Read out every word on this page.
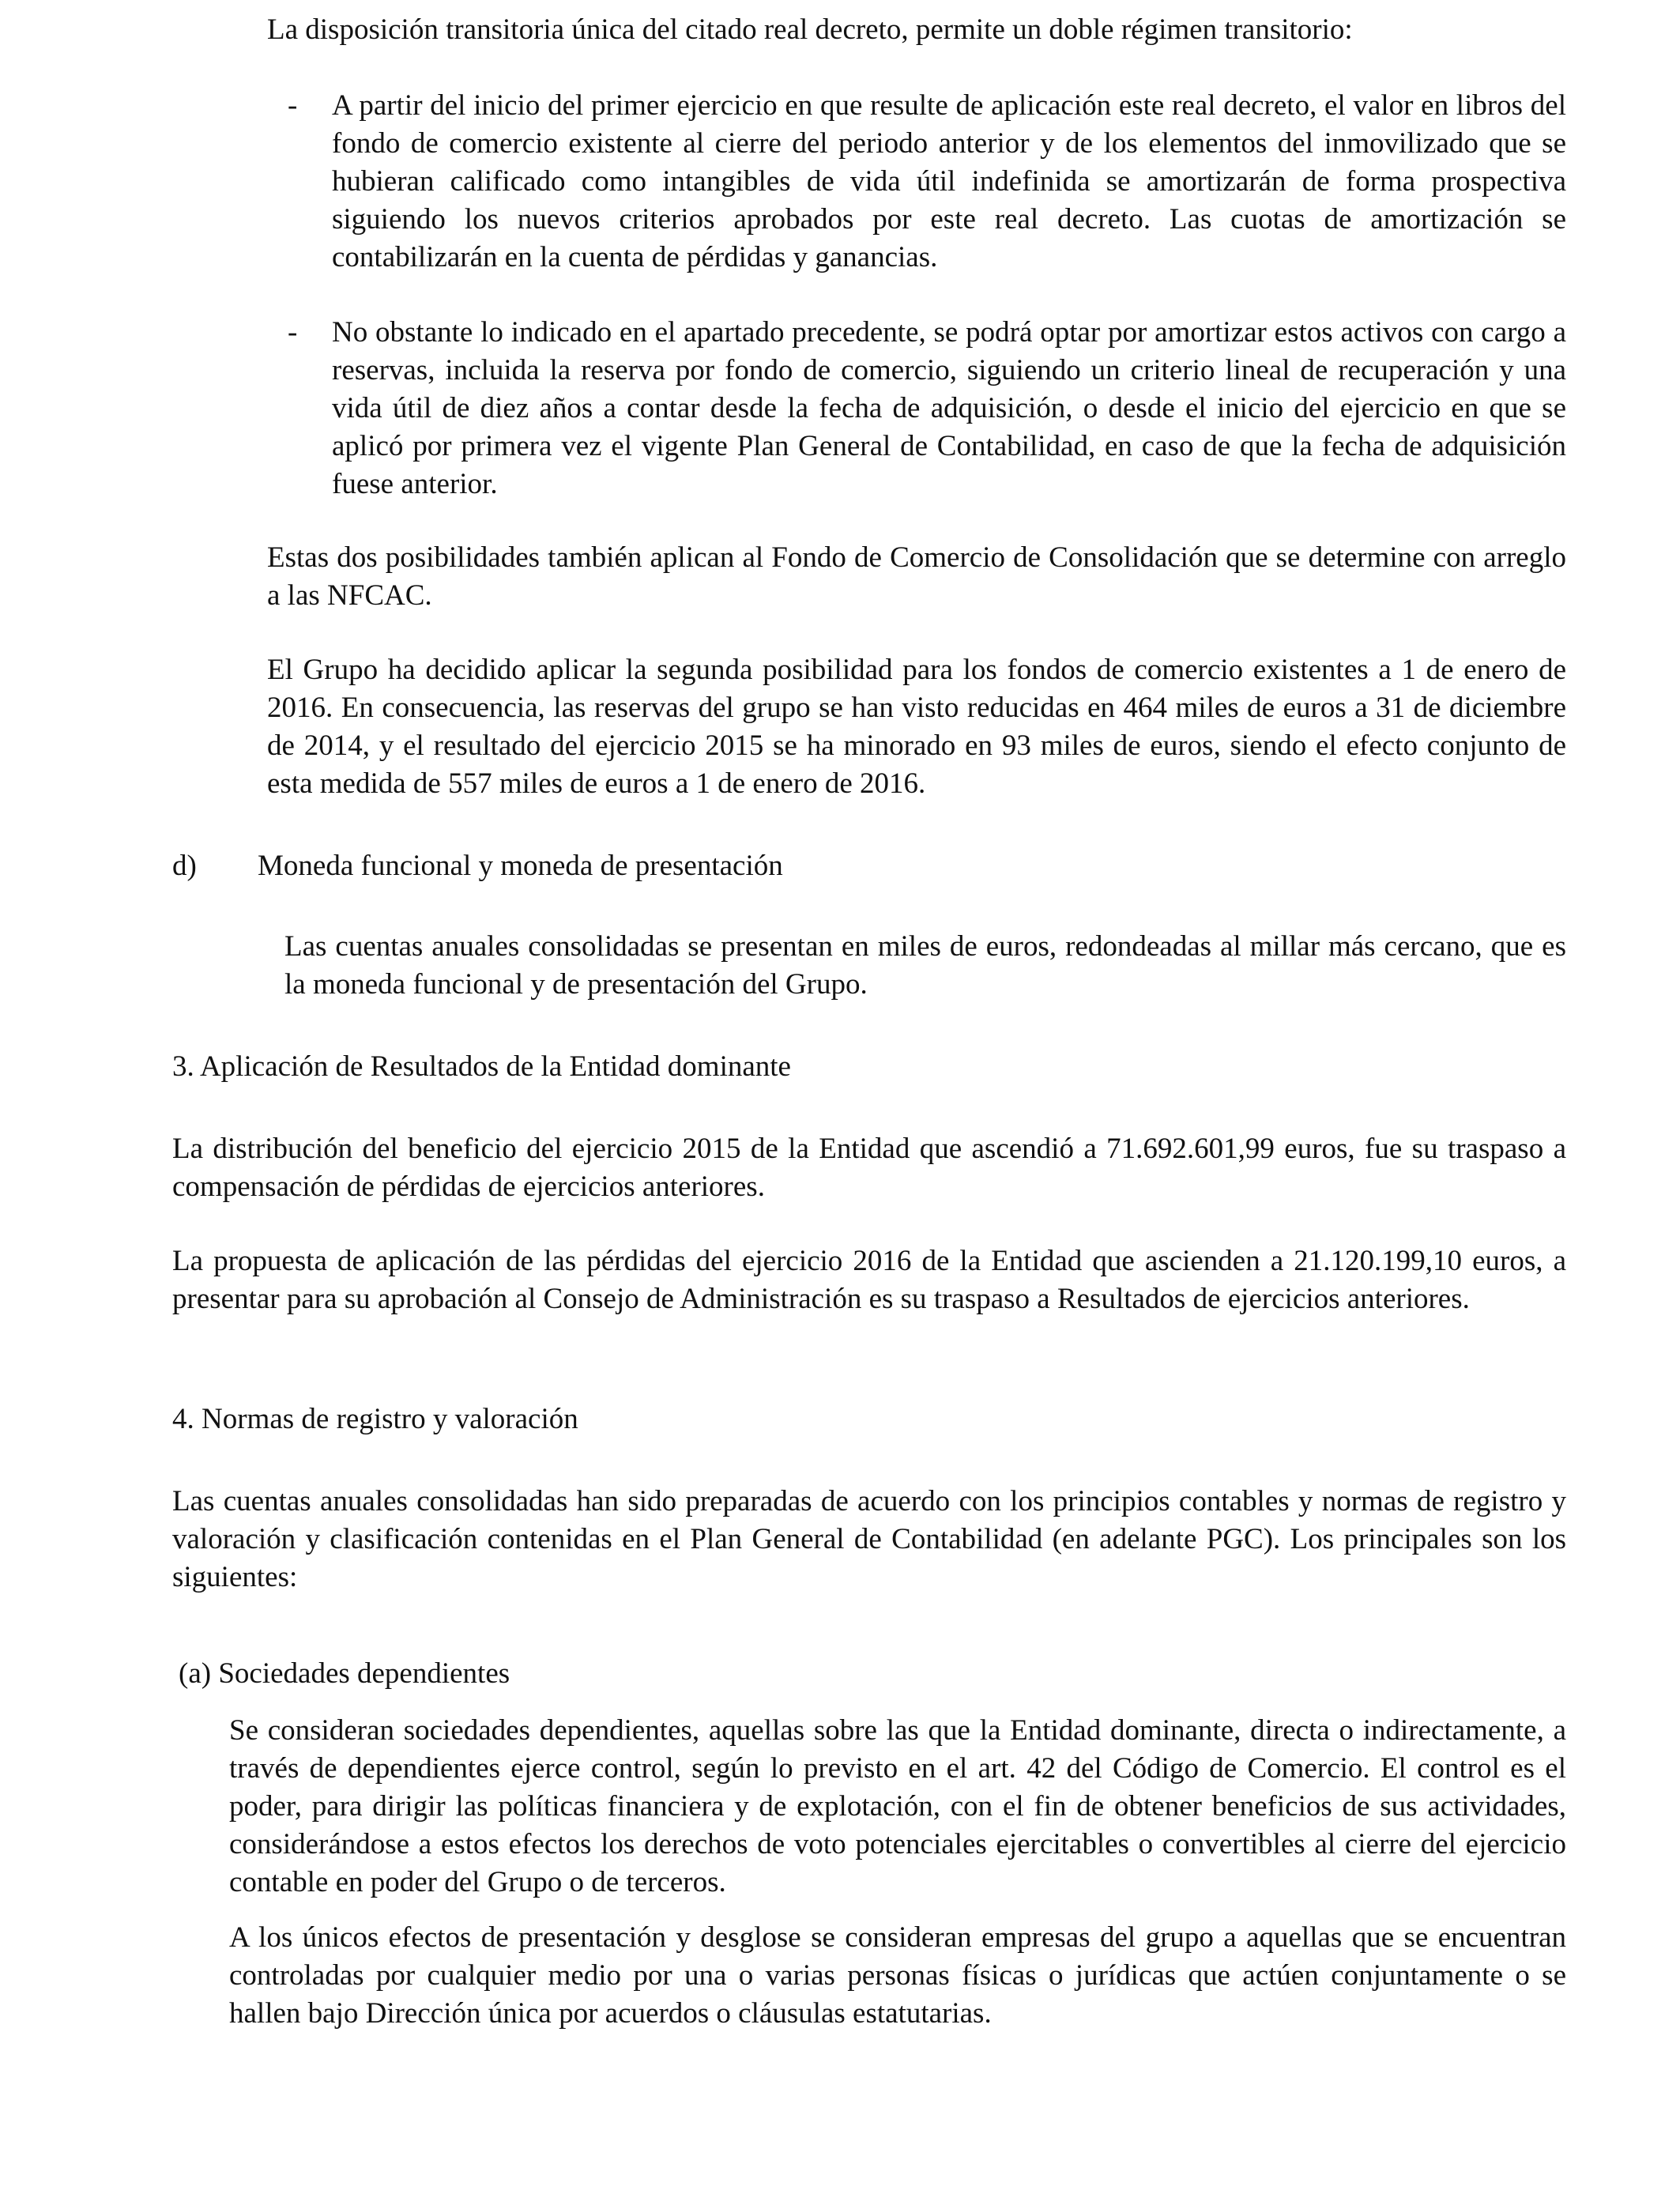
La disposición transitoria única del citado real decreto, permite un doble régimen transitorio:

- A partir del inicio del primer ejercicio en que resulte de aplicación este real decreto, el valor en libros del fondo de comercio existente al cierre del periodo anterior y de los elementos del inmovilizado que se hubieran calificado como intangibles de vida útil indefinida se amortizarán de forma prospectiva siguiendo los nuevos criterios aprobados por este real decreto. Las cuotas de amortización se contabilizarán en la cuenta de pérdidas y ganancias.

- No obstante lo indicado en el apartado precedente, se podrá optar por amortizar estos activos con cargo a reservas, incluida la reserva por fondo de comercio, siguiendo un criterio lineal de recuperación y una vida útil de diez años a contar desde la fecha de adquisición, o desde el inicio del ejercicio en que se aplicó por primera vez el vigente Plan General de Contabilidad, en caso de que la fecha de adquisición fuese anterior.

Estas dos posibilidades también aplican al Fondo de Comercio de Consolidación que se determine con arreglo a las NFCAC.

El Grupo ha decidido aplicar la segunda posibilidad para los fondos de comercio existentes a 1 de enero de 2016. En consecuencia, las reservas del grupo se han visto reducidas en 464 miles de euros a 31 de diciembre de 2014, y el resultado del ejercicio 2015 se ha minorado en 93 miles de euros, siendo el efecto conjunto de esta medida de 557 miles de euros a 1 de enero de 2016.

d) Moneda funcional y moneda de presentación

Las cuentas anuales consolidadas se presentan en miles de euros, redondeadas al millar más cercano, que es la moneda funcional y de presentación del Grupo.

3. Aplicación de Resultados de la Entidad dominante

La distribución del beneficio del ejercicio 2015 de la Entidad que ascendió a 71.692.601,99 euros, fue su traspaso a compensación de pérdidas de ejercicios anteriores.

La propuesta de aplicación de las pérdidas del ejercicio 2016 de la Entidad que ascienden a 21.120.199,10 euros, a presentar para su aprobación al Consejo de Administración es su traspaso a Resultados de ejercicios anteriores.

4. Normas de registro y valoración

Las cuentas anuales consolidadas han sido preparadas de acuerdo con los principios contables y normas de registro y valoración y clasificación contenidas en el Plan General de Contabilidad (en adelante PGC). Los principales son los siguientes:

(a) Sociedades dependientes

Se consideran sociedades dependientes, aquellas sobre las que la Entidad dominante, directa o indirectamente, a través de dependientes ejerce control, según lo previsto en el art. 42 del Código de Comercio. El control es el poder, para dirigir las políticas financiera y de explotación, con el fin de obtener beneficios de sus actividades, considerándose a estos efectos los derechos de voto potenciales ejercitables o convertibles al cierre del ejercicio contable en poder del Grupo o de terceros.

A los únicos efectos de presentación y desglose se consideran empresas del grupo a aquellas que se encuentran controladas por cualquier medio por una o varias personas físicas o jurídicas que actúen conjuntamente o se hallen bajo Dirección única por acuerdos o cláusulas estatutarias.
